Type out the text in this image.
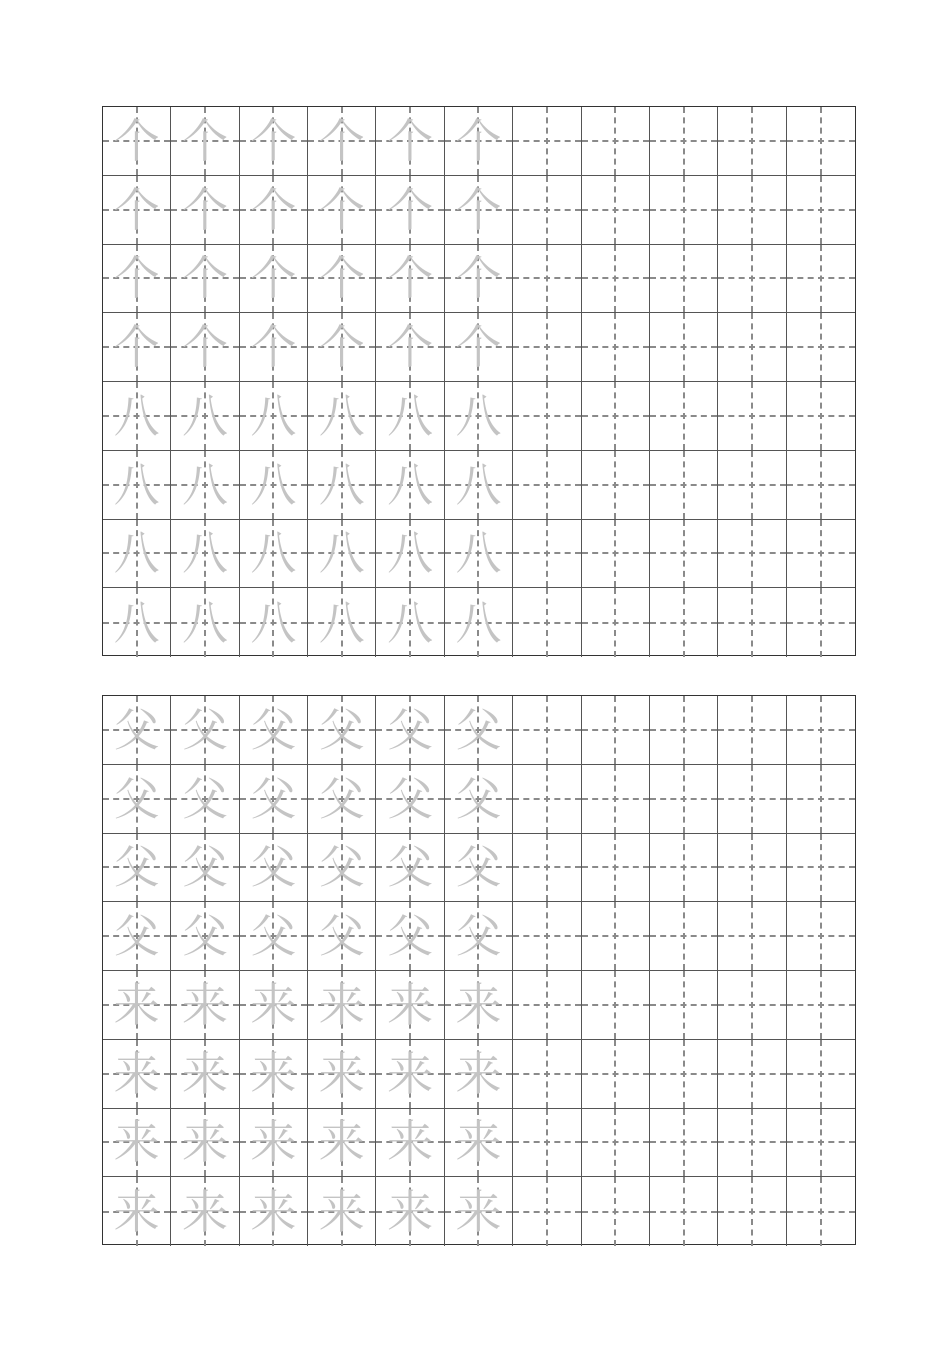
个 个 个 个 个 个
个 个 个 个 个 个
个 个 个 个 个 个
个 个 个 个 个 个
八 八 八 八 八 八
八 八 八 八 八 八
八 八 八 八 八 八
八 八 八 八 八 八
父 父 父 父 父 父
父 父 父 父 父 父
父 父 父 父 父 父
父 父 父 父 父 父
来 来 来 来 来 来
来 来 来 来 来 来
来 来 来 来 来 来
来 来 来 来 来 来
